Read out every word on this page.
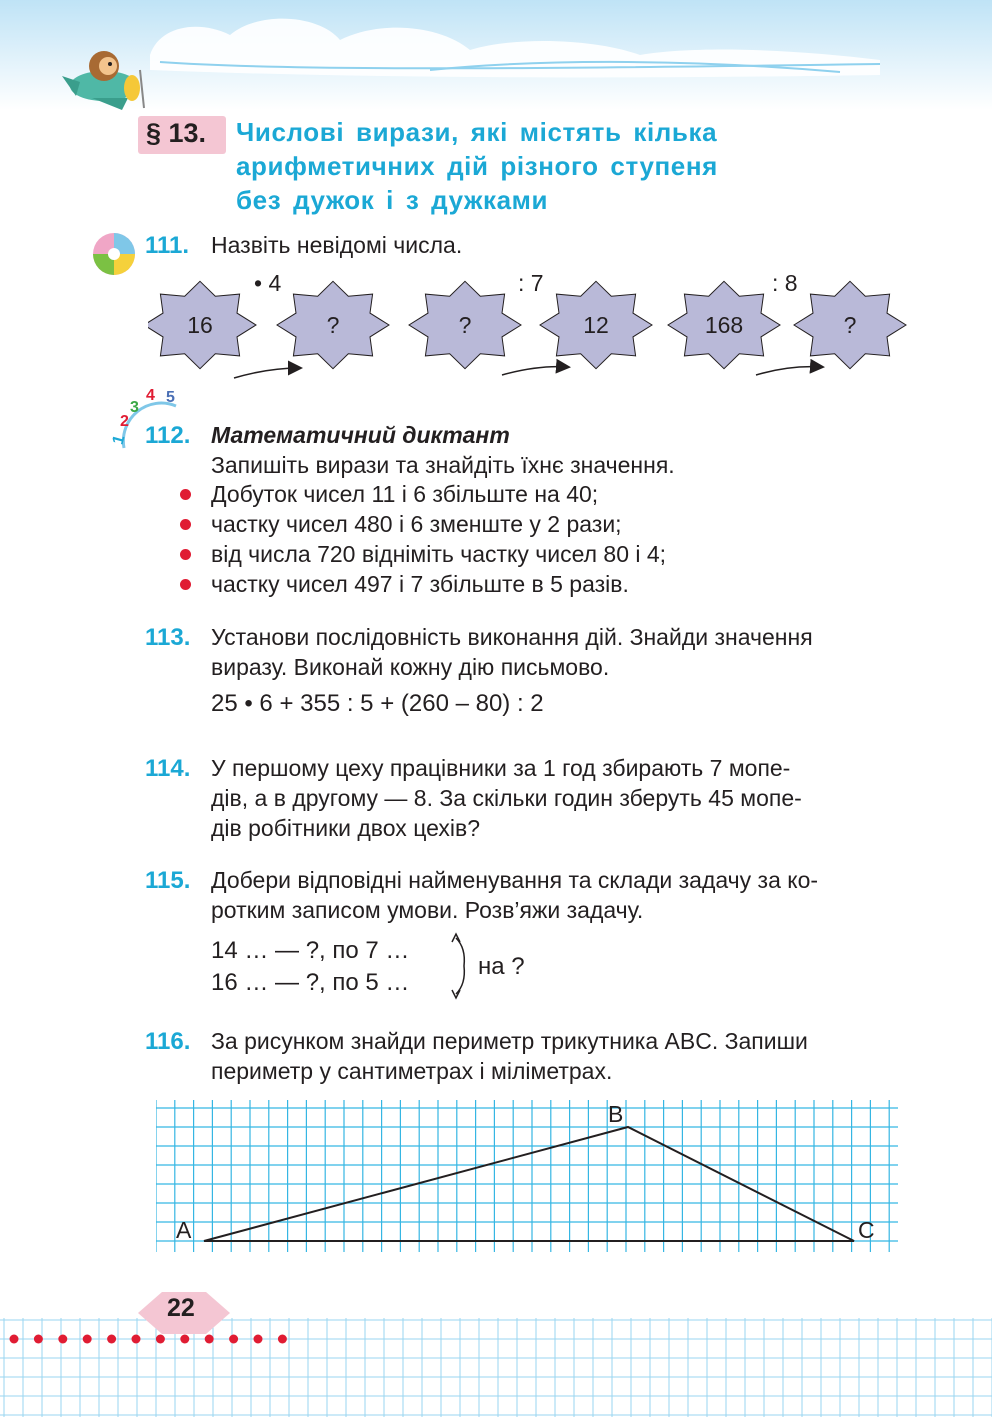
§ 13. Числові вирази, які містять кілька
арифметичних дій різного ступеня
без дужок і з дужками
111. Назвіть невідомі числа.
• 4	: 7	: 8
16	?	?	12	168	?
1
2
3
4 5
112. Математичний диктант
Запишіть вирази та знайдіть їхнє значення.
Добуток чисел 11 і 6 збільште на 40;
частку чисел 480 і 6 зменште у 2 рази;
від числа 720 відніміть частку чисел 80 і 4;
частку чисел 497 і 7 збільште в 5 разів.
113. Установи послідовність виконання дій. Знайди значення
виразу. Виконай кожну дію письмово.
25 • 6 + 355 : 5 + (260 – 80) : 2
114. У першому цеху працівники за 1 год збирають 7 мопе-
дів, а в другому — 8. За скільки годин зберуть 45 мопе-
дів робітники двох цехів?
115. Добери відповідні найменування та склади задачу за ко-
ротким записом умови. Розв’яжи задачу.
14 … — ?, по 7 …
16 … — ?, по 5 …
на ?
116. За рисунком знайди периметр трикутника ABC. Запиши
периметр у сантиметрах і міліметрах.
A
B
C
22
